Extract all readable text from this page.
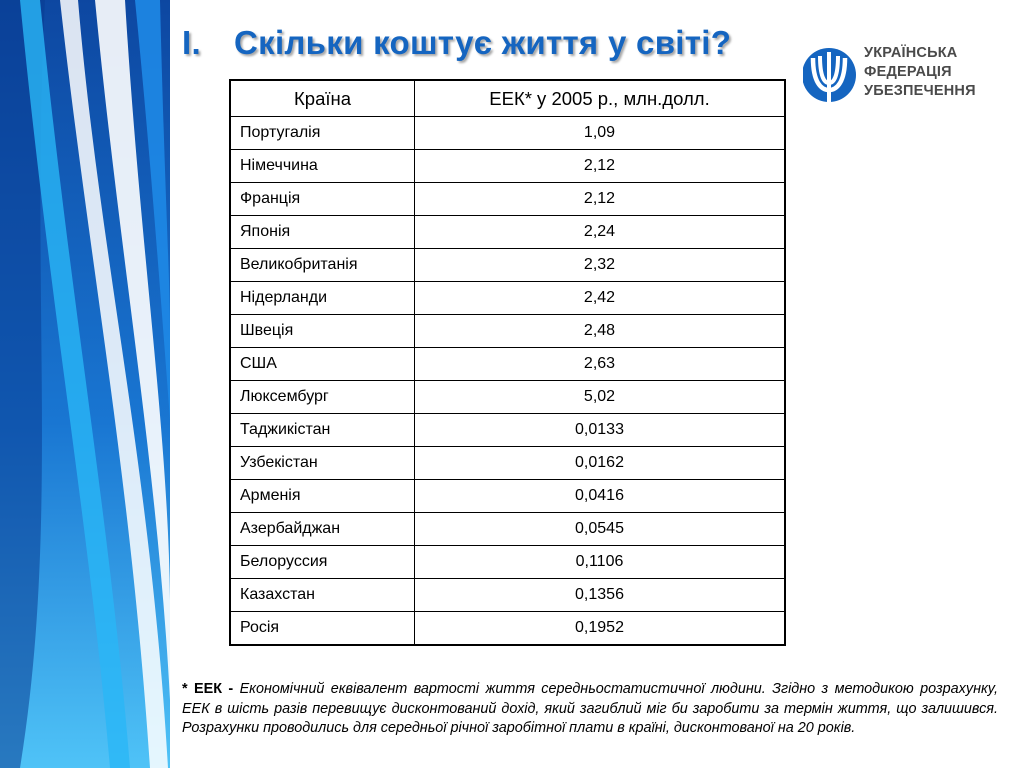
I. Скільки коштує життя у світі?	УКРАЇНСЬКА
ФЕДЕРАЦІЯ
УБЕЗПЕЧЕННЯ
Країна	ЕЕК* у 2005 р., млн.долл.
Португалія	1,09
Німеччина	2,12
Франція	2,12
Японія	2,24
Великобританія	2,32
Нідерланди	2,42
Швеція	2,48
США	2,63
Люксембург	5,02
Таджикістан	0,0133
Узбекістан	0,0162
Арменія	0,0416
Азербайджан	0,0545
Белоруссия	0,1106
Казахстан	0,1356
Росія	0,1952
* ЕЕК - Економічний еквівалент вартості життя середньостатистичної людини. Згідно з методикою розрахунку, ЕЕК в шість разів перевищує дисконтований дохід, який загиблий міг би заробити за термін життя, що залишився. Розрахунки проводились для середньої річної заробітної плати в країні, дисконтованої на 20 років.
